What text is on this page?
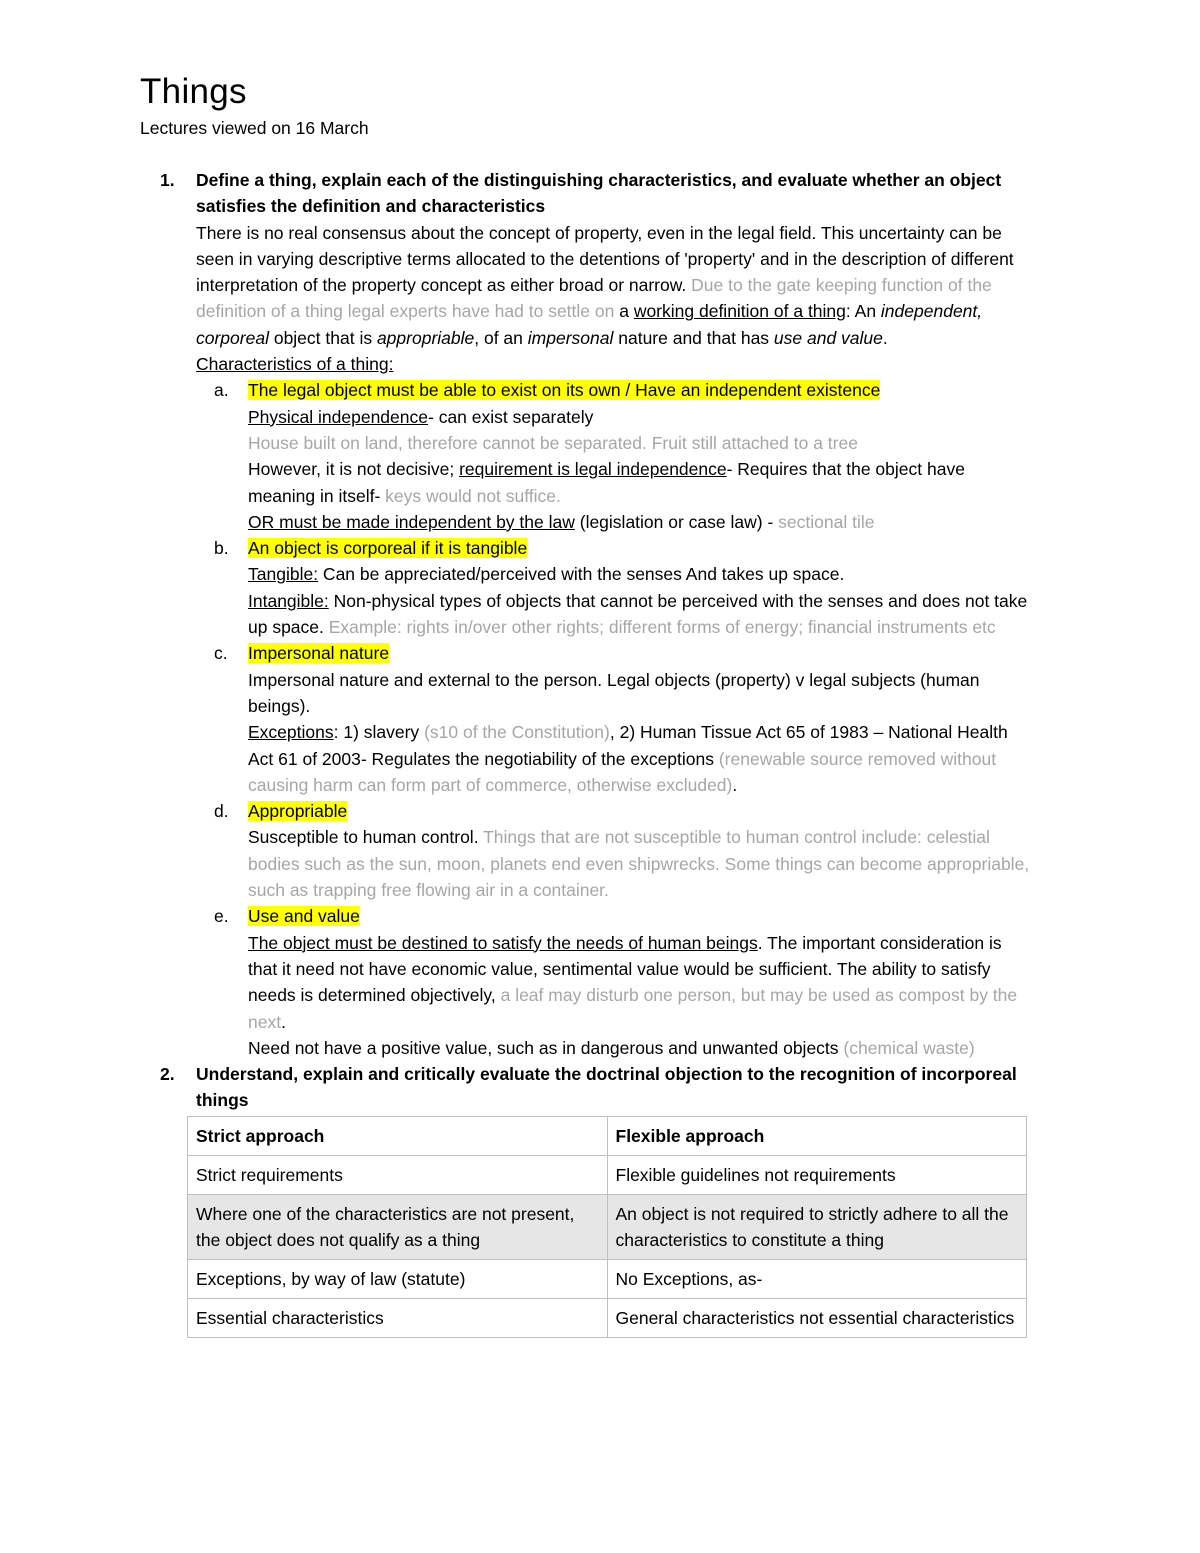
Things
Lectures viewed on 16 March
1. Define a thing, explain each of the distinguishing characteristics, and evaluate whether an object satisfies the definition and characteristics
There is no real consensus about the concept of property, even in the legal field. This uncertainty can be seen in varying descriptive terms allocated to the detentions of 'property' and in the description of different interpretation of the property concept as either broad or narrow. Due to the gate keeping function of the definition of a thing legal experts have had to settle on a working definition of a thing: An independent, corporeal object that is appropriable, of an impersonal nature and that has use and value.
Characteristics of a thing:
a. The legal object must be able to exist on its own / Have an independent existence
Physical independence- can exist separately
House built on land, therefore cannot be separated. Fruit still attached to a tree
However, it is not decisive; requirement is legal independence- Requires that the object have meaning in itself- keys would not suffice.
OR must be made independent by the law (legislation or case law) - sectional tile
b. An object is corporeal if it is tangible
Tangible: Can be appreciated/perceived with the senses And takes up space.
Intangible: Non-physical types of objects that cannot be perceived with the senses and does not take up space. Example: rights in/over other rights; different forms of energy; financial instruments etc
c. Impersonal nature
Impersonal nature and external to the person. Legal objects (property) v legal subjects (human beings).
Exceptions: 1) slavery (s10 of the Constitution), 2) Human Tissue Act 65 of 1983 – National Health Act 61 of 2003- Regulates the negotiability of the exceptions (renewable source removed without causing harm can form part of commerce, otherwise excluded).
d. Appropriable
Susceptible to human control. Things that are not susceptible to human control include: celestial bodies such as the sun, moon, planets end even shipwrecks. Some things can become appropriable, such as trapping free flowing air in a container.
e. Use and value
The object must be destined to satisfy the needs of human beings. The important consideration is that it need not have economic value, sentimental value would be sufficient. The ability to satisfy needs is determined objectively, a leaf may disturb one person, but may be used as compost by the next.
Need not have a positive value, such as in dangerous and unwanted objects (chemical waste)
2. Understand, explain and critically evaluate the doctrinal objection to the recognition of incorporeal things
Strict approach	Flexible approach
Strict requirements	Flexible guidelines not requirements
Where one of the characteristics are not present, the object does not qualify as a thing	An object is not required to strictly adhere to all the characteristics to constitute a thing
Exceptions, by way of law (statute)	No Exceptions, as-
Essential characteristics	General characteristics not essential characteristics
